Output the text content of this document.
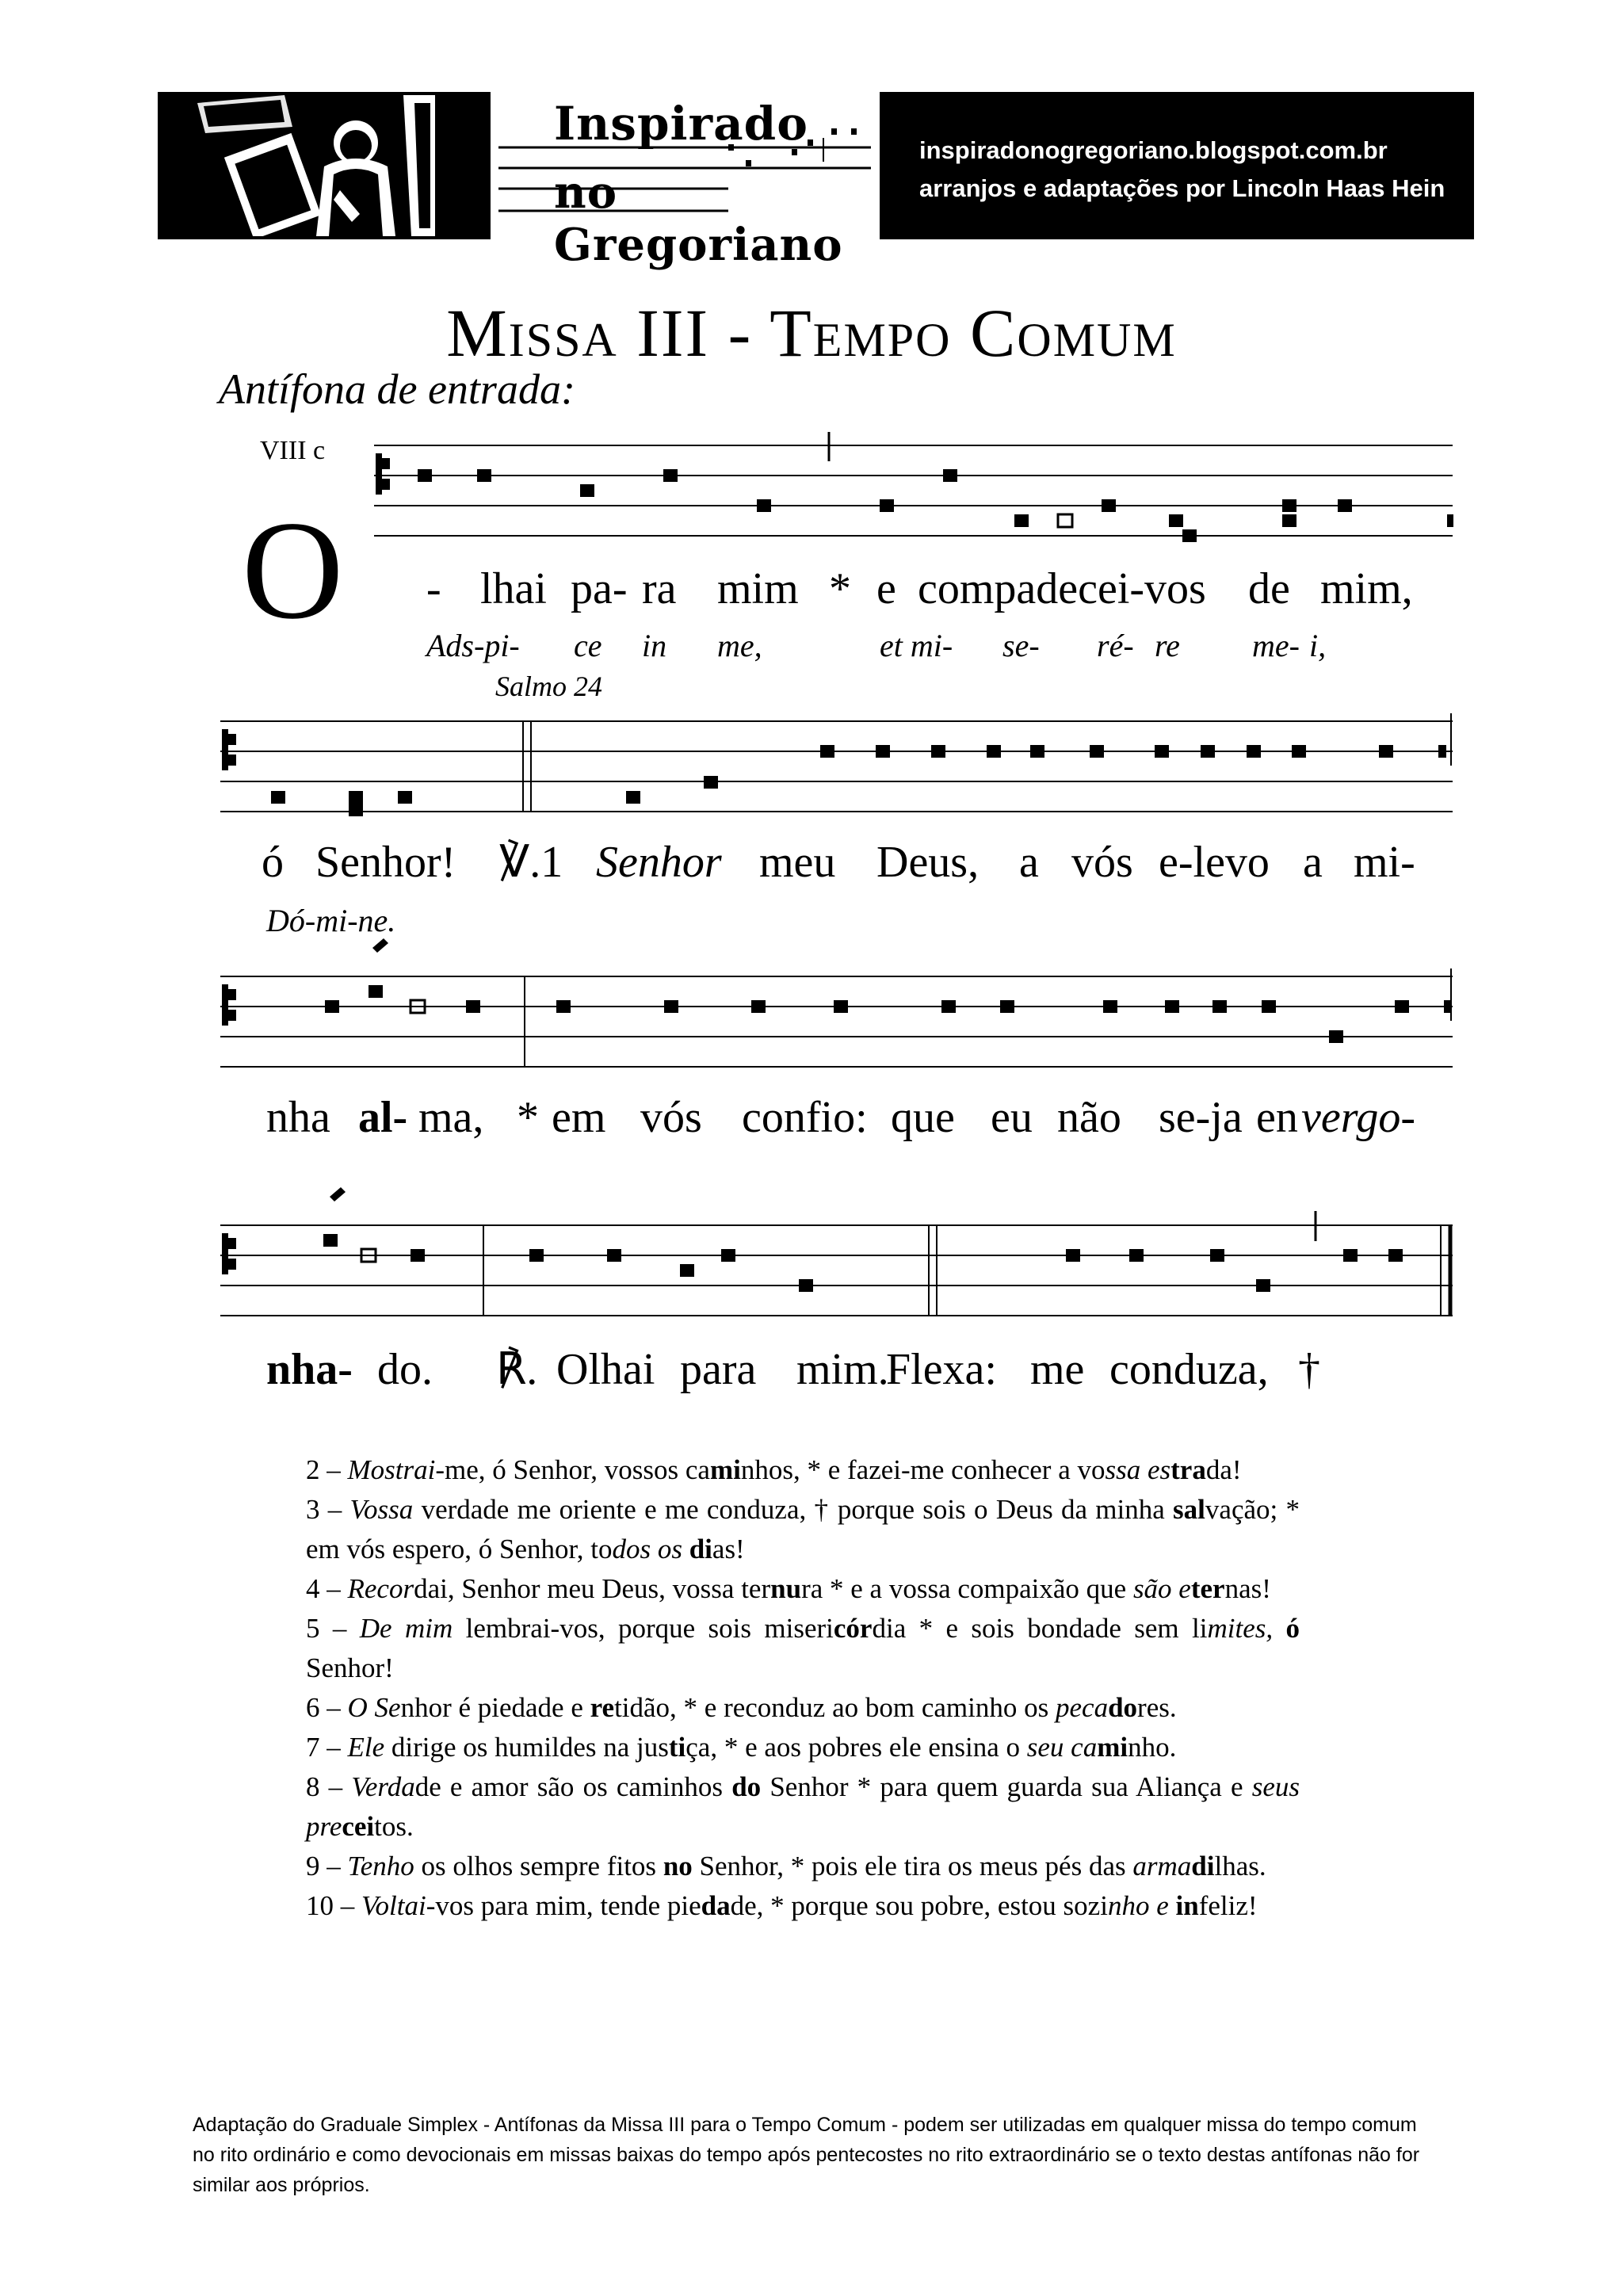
Inspirado
no Gregoriano
inspiradonogregoriano.blogspot.com.br
arranjos e adaptações por Lincoln Haas Hein
Missa III - Tempo Comum
Antífona de entrada:
VIII c
O - lhai pa- ra mim * e compadecei-vos de mim,
Ads-pi- ce in me,	et mi- se- ré- re me- i,
Salmo 24
ó Senhor! ℣.1 Senhor meu Deus, a vós e-levo a mi-
Dó-mi-ne.
nha al- ma, * em vós confio: que eu não se-ja en vergo-
nha- do. ℟. Olhai para mim.
Flexa: me conduza, †

2 – Mostrai-me, ó Senhor, vossos caminhos, * e fazei-me conhecer a vossa estrada!

3 – Vossa verdade me oriente e me conduza, † porque sois o Deus da minha salvação; * em vós espero, ó Senhor, todos os dias!

4 – Recordai, Senhor meu Deus, vossa ternura * e a vossa compaixão que são eternas!

5 – De mim lembrai-vos, porque sois misericórdia * e sois bondade sem limites, ó Senhor!

6 – O Senhor é piedade e retidão, * e reconduz ao bom caminho os pecadores.

7 – Ele dirige os humildes na justiça, * e aos pobres ele ensina o seu caminho.

8 – Verdade e amor são os caminhos do Senhor * para quem guarda sua Aliança e seus preceitos.

9 – Tenho os olhos sempre fitos no Senhor, * pois ele tira os meus pés das armadilhas.

10 – Voltai-vos para mim, tende piedade, * porque sou pobre, estou sozinho e infeliz!

Adaptação do Graduale Simplex - Antífonas da Missa III para o Tempo Comum - podem ser utilizadas em qualquer missa do tempo comum no rito ordinário e como devocionais em missas baixas do tempo após pentecostes no rito extraordinário se o texto destas antífonas não for similar aos próprios.
